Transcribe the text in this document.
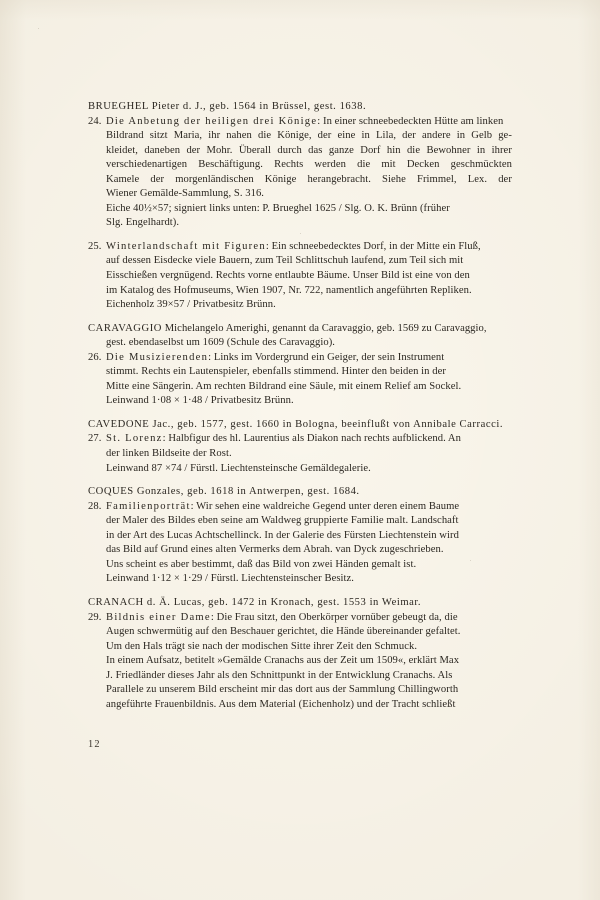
BRUEGHEL Pieter d. J., geb. 1564 in Brüssel, gest. 1638.
24. Die Anbetung der heiligen drei Könige : In einer schneebedeckten Hütte am linken
Bildrand sitzt Maria, ihr nahen die Könige, der eine in Lila, der andere in Gelb ge-
kleidet, daneben der Mohr. Überall durch das ganze Dorf hin die Bewohner in ihrer
verschiedenartigen Beschäftigung. Rechts werden die mit Decken geschmückten
Kamele der morgenländischen Könige herangebracht. Siehe Frimmel, Lex. der
Wiener Gemälde-Sammlung, S. 316.
Eiche 40½×57; signiert links unten: P. Brueghel 1625 / Slg. O. K. Brünn (früher
Slg. Engelhardt).
25. Winterlandschaft mit Figuren : Ein schneebedecktes Dorf, in der Mitte ein Fluß,
auf dessen Eisdecke viele Bauern, zum Teil Schlittschuh laufend, zum Teil sich mit
Eisschießen vergnügend. Rechts vorne entlaubte Bäume. Unser Bild ist eine von den
im Katalog des Hofmuseums, Wien 1907, Nr. 722, namentlich angeführten Repliken.
Eichenholz 39×57 / Privatbesitz Brünn.
CARAVAGGIO Michelangelo Amerighi, genannt da Caravaggio, geb. 1569 zu Caravaggio,
gest. ebendaselbst um 1609 (Schule des Caravaggio).
26. Die Musizierenden : Links im Vordergrund ein Geiger, der sein Instrument
stimmt. Rechts ein Lautenspieler, ebenfalls stimmend. Hinter den beiden in der
Mitte eine Sängerin. Am rechten Bildrand eine Säule, mit einem Relief am Sockel.
Leinwand 1·08 × 1·48 / Privatbesitz Brünn.
CAVEDONE Jac., geb. 1577, gest. 1660 in Bologna, beeinflußt von Annibale Carracci.
27. St. Lorenz : Halbfigur des hl. Laurentius als Diakon nach rechts aufblickend. An
der linken Bildseite der Rost.
Leinwand 87 ×74 / Fürstl. Liechtensteinsche Gemäldegalerie.
COQUES Gonzales, geb. 1618 in Antwerpen, gest. 1684.
28. Familienporträt : Wir sehen eine waldreiche Gegend unter deren einem Baume
der Maler des Bildes eben seine am Waldweg gruppierte Familie malt. Landschaft
in der Art des Lucas Achtschellinck. In der Galerie des Fürsten Liechtenstein wird
das Bild auf Grund eines alten Vermerks dem Abrah. van Dyck zugeschrieben.
Uns scheint es aber bestimmt, daß das Bild von zwei Händen gemalt ist.
Leinwand 1·12 × 1·29 / Fürstl. Liechtensteinscher Besitz.
CRANACH d. Ä. Lucas, geb. 1472 in Kronach, gest. 1553 in Weimar.
29. Bildnis einer Dame : Die Frau sitzt, den Oberkörper vornüber gebeugt da, die
Augen schwermütig auf den Beschauer gerichtet, die Hände übereinander gefaltet.
Um den Hals trägt sie nach der modischen Sitte ihrer Zeit den Schmuck.
In einem Aufsatz, betitelt »Gemälde Cranachs aus der Zeit um 1509«, erklärt Max
J. Friedländer dieses Jahr als den Schnittpunkt in der Entwicklung Cranachs. Als
Parallele zu unserem Bild erscheint mir das dort aus der Sammlung Chillingworth
angeführte Frauenbildnis. Aus dem Material (Eichenholz) und der Tracht schließt
12
